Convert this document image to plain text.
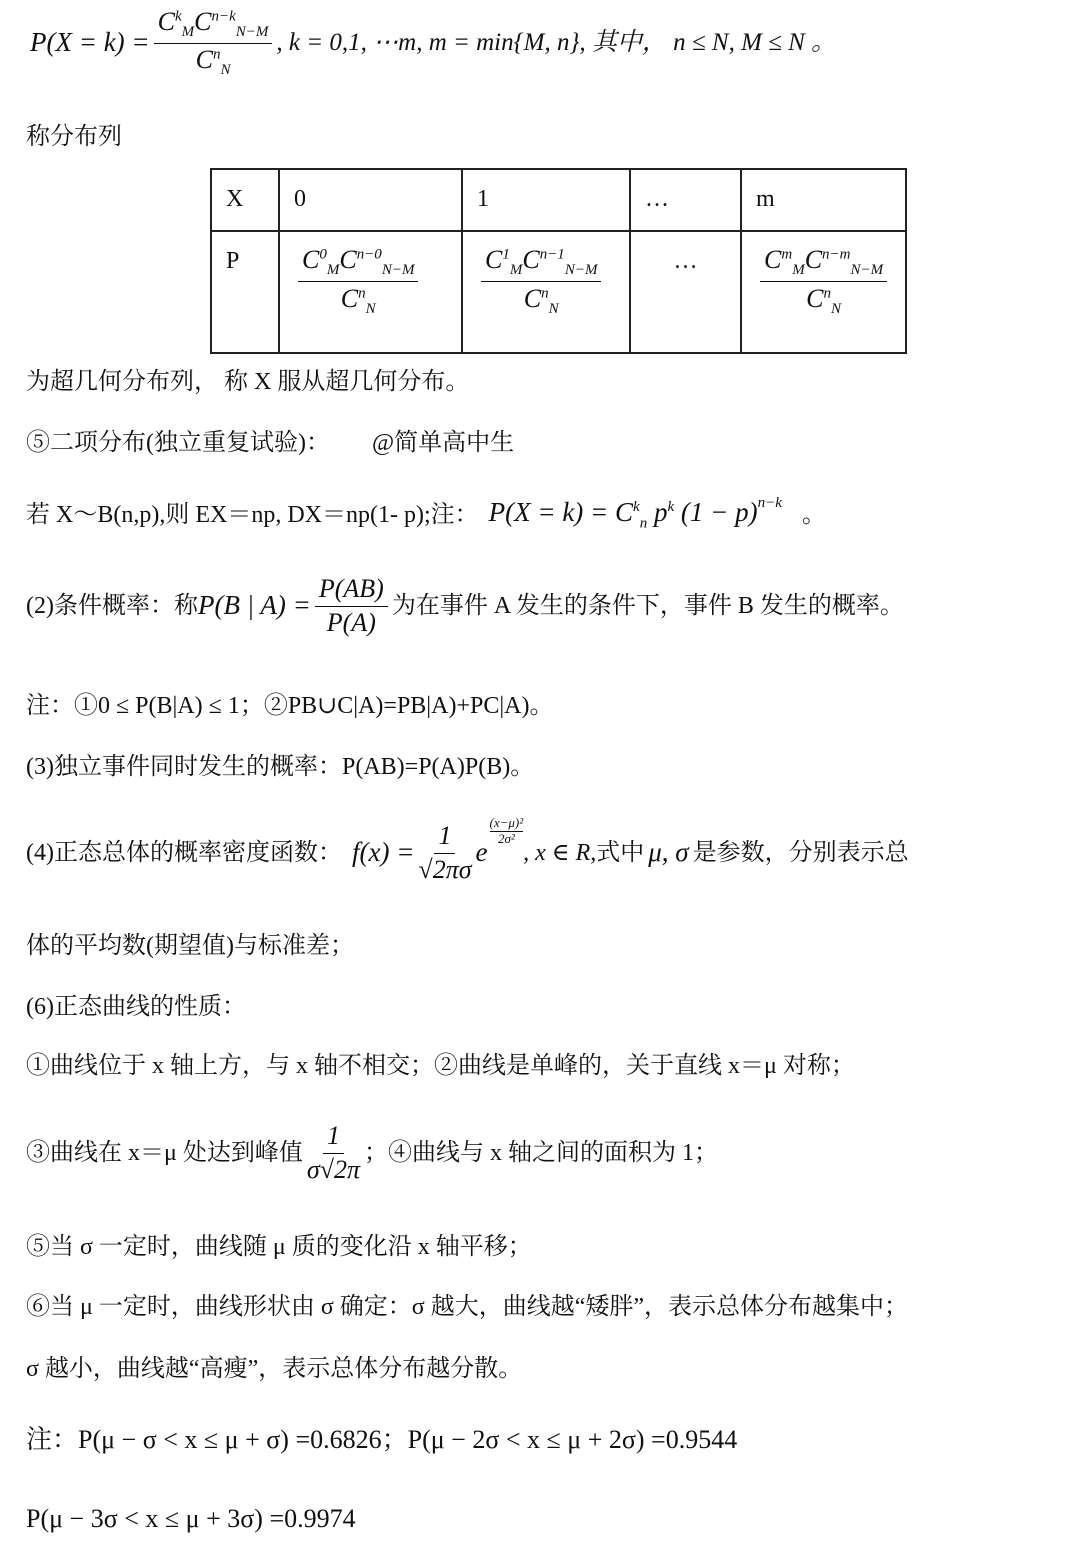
$P(X = k) = \frac{C^k_MC^{n-k}_{N-M}}{C^n_N}$ , k = 0,1, ⋯m, m = min{M, n}, 其中， n ≤ N, M ≤ N 。
称分布列
X	0	1	…	m
P	$\frac{C^0_MC^{n-0}_{N-M}}{C^n_N}$	$\frac{C^1_MC^{n-1}_{N-M}}{C^n_N}$	…	$\frac{C^m_MC^{n-m}_{N-M}}{C^n_N}$
为超几何分布列， 称 X 服从超几何分布。
⑤二项分布(独立重复试验)： @简单高中生
若 X～B(n,p),则 EX＝np, DX＝np(1- p);注： $P(X = k) = C^k_n$ $p^k$ $(1 - p)^{n-k}$ 。
(2)条件概率：称 P(B | $A) = \frac{P(AB)}{P(A)}$ 为在事件 A 发生的条件下，事件 B 发生的概率。
注：①0 ≤ P(B|A) ≤ 1；②PB∪C|A)=PB|A)+PC|A)。
(3)独立事件同时发生的概率：P(AB)=P(A)P(B)。
(4)正态总体的概率密度函数： $f(x) = \frac{1}{√2\pi\sigma}$ e
$\frac{\text{(x−μ)²}}{\text{2σ²}}$
, x ∈ R, 式中 μ, σ 是参数，分别表示总
体的平均数(期望值)与标准差；
(6)正态曲线的性质：
①曲线位于 x 轴上方，与 x 轴不相交；②曲线是单峰的，关于直线 x＝μ 对称；
③曲线在 x＝μ 处达到峰值 $\frac{1}{\sigma√2\pi}$ ；④曲线与 x 轴之间的面积为 1；
⑤当 σ 一定时，曲线随 μ 质的变化沿 x 轴平移；
⑥当 μ 一定时，曲线形状由 σ 确定：σ 越大，曲线越“矮胖”，表示总体分布越集中；
σ 越小，曲线越“高瘦”，表示总体分布越分散。
注：P(μ − σ < x ≤ μ + σ) =0.6826；P(μ − 2σ < x ≤ μ + 2σ) =0.9544
P(μ − 3σ < x ≤ μ + 3σ) =0.9974
